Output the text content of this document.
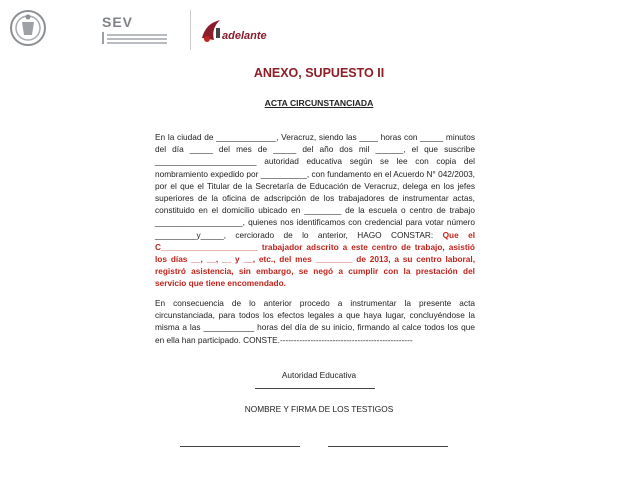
SEV
adelante
ANEXO, SUPUESTO II
ACTA CIRCUNSTANCIADA
En la ciudad de _____________, Veracruz, siendo las ____ horas con _____ minutos del día _____ del mes de _____ del año dos mil ______, el que suscribe ______________________ autoridad educativa según se lee con copia del nombramiento expedido por __________, con fundamento en el Acuerdo N° 042/2003, por el que el Titular de la Secretaría de Educación de Veracruz, delega en los jefes superiores de la oficina de adscripción de los trabajadores de instrumentar actas, constituido en el domicilio ubicado en ________ de la escuela o centro de trabajo ___________________, quienes nos identificamos con credencial para votar número _________y_____, cerciorado de lo anterior, HAGO CONSTAR: Que el C_____________________ trabajador adscrito a este centro de trabajo, asistió los días __, __, __ y __, etc., del mes ________ de 2013, a su centro laboral, registró asistencia, sin embargo, se negó a cumplir con la prestación del servicio que tiene encomendado.
En consecuencia de lo anterior procedo a instrumentar la presente acta circunstanciada, para todos los efectos legales a que haya lugar, concluyéndose la misma a las ___________ horas del día de su inicio, firmando al calce todos los que en ella han participado. CONSTE.------------------------------------------------
Autoridad Educativa
NOMBRE Y FIRMA DE LOS TESTIGOS
